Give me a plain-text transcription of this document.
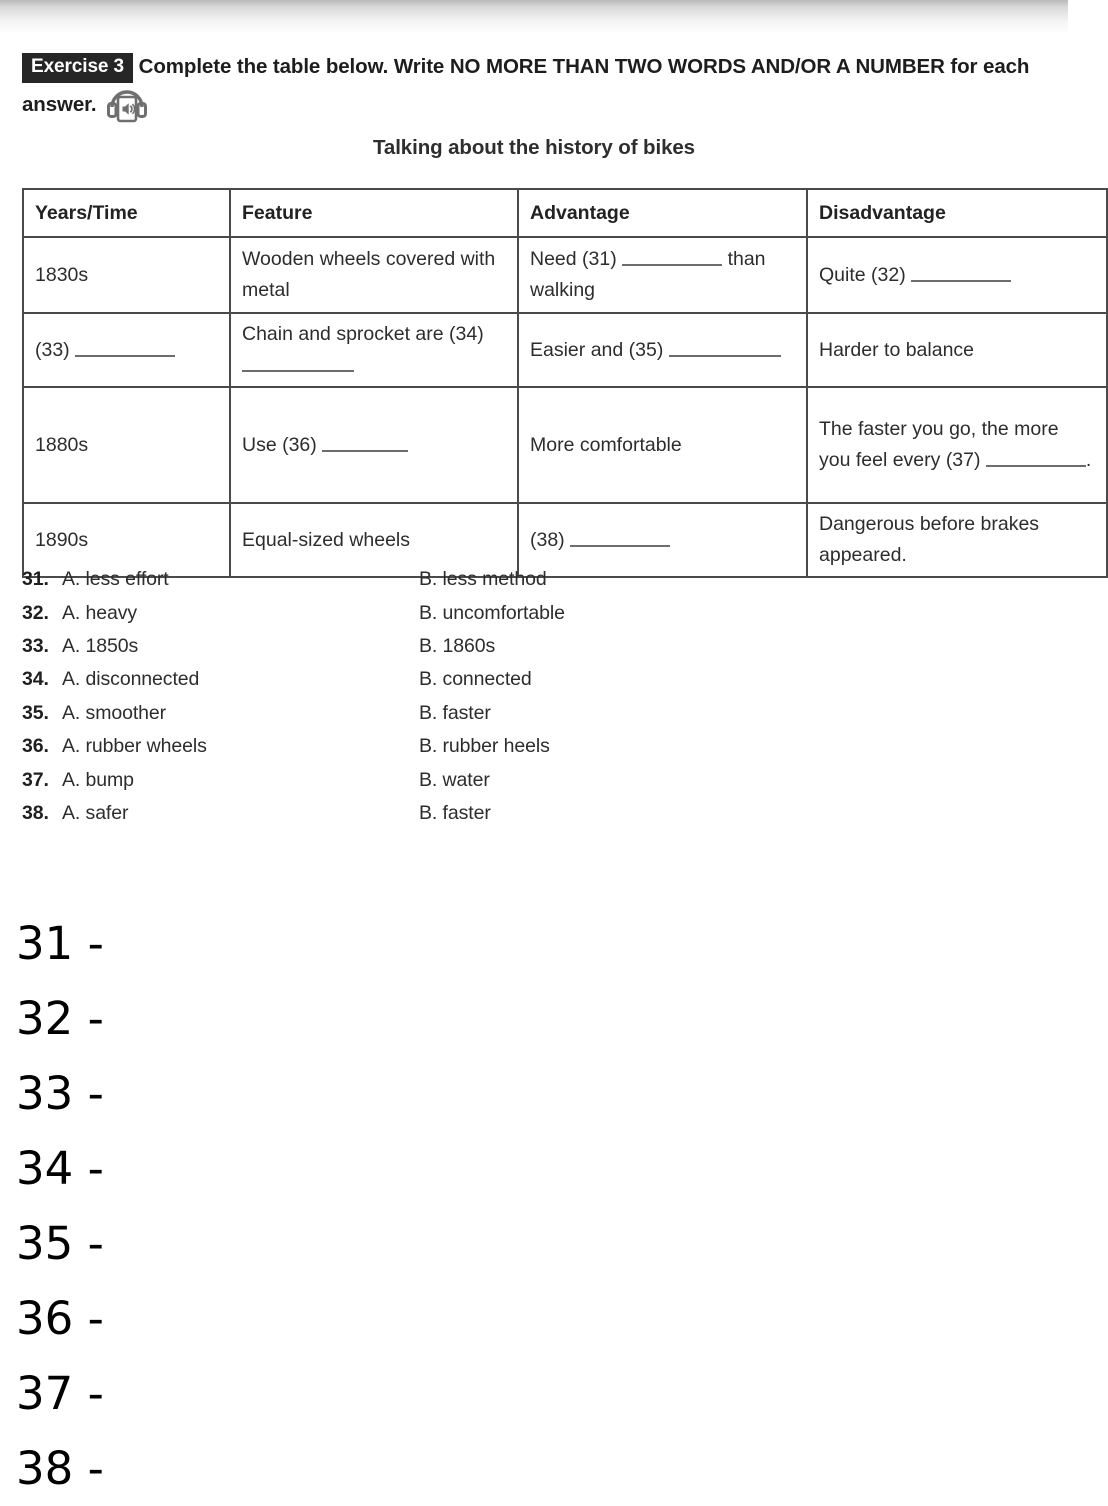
Exercise 3 Complete the table below. Write NO MORE THAN TWO WORDS AND/OR A NUMBER for each answer.
Talking about the history of bikes
Years/Time	Feature	Advantage	Disadvantage
1830s	Wooden wheels covered with metal	Need (31) than walking	Quite (32)
(33)	Chain and sprocket are (34)	Easier and (35)	Harder to balance
1880s	Use (36)	More comfortable	The faster you go, the more you feel every (37) .
1890s	Equal-sized wheels	(38)	Dangerous before brakes appeared.
31. A. less effort	B. less method
32. A. heavy	B. uncomfortable
33. A. 1850s	B. 1860s
34. A. disconnected	B. connected
35. A. smoother	B. faster
36. A. rubber wheels	B. rubber heels
37. A. bump	B. water
38. A. safer	B. faster
31 -
32 -
33 -
34 -
35 -
36 -
37 -
38 -
